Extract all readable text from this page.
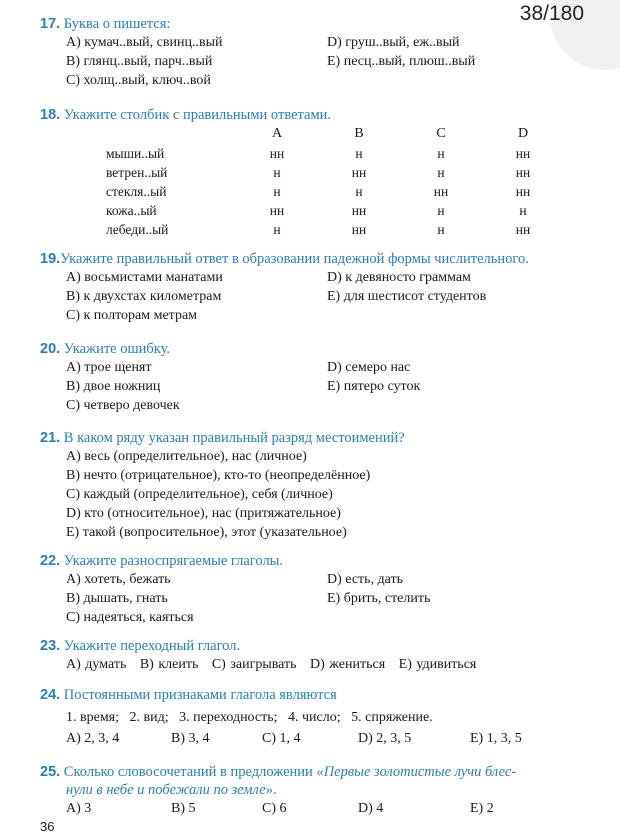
38/180
17. Буква о пишется:
А) кумач..вый, свинц..вый	D) груш..вый, еж..вый
В) глянц..вый, парч..вый	Е) песц..вый, плюш..вый
С) холщ..вый, ключ..вой
18. Укажите столбик с правильными ответами.
	А	В	С	D
мыши..ый	нн	н	н	нн
ветрен..ый	н	нн	н	нн
стекля..ый	н	н	нн	нн
кожа..ый	нн	нн	н	н
лебеди..ый	н	нн	н	нн
19.Укажите правильный ответ в образовании падежной формы числительного.
А) восьмистами манатами	D) к девяносто граммам
В) к двухстах километрам	Е) для шестисот студентов
С) к полторам метрам
20. Укажите ошибку.
А) трое щенят	D) семеро нас
В) двое ножниц	Е) пятеро суток
С) четверо девочек
21. В каком ряду указан правильный разряд местоимений?
А) весь (определительное), нас (личное)
В) нечто (отрицательное), кто-то (неопределённое)
С) каждый (определительное), себя (личное)
D) кто (относительное), нас (притяжательное)
Е) такой (вопросительное), этот (указательное)
22. Укажите разноспрягаемые глаголы.
А) хотеть, бежать	D) есть, дать
В) дышать, гнать	Е) брить, стелить
С) надеяться, каяться
23. Укажите переходный глагол.
А) думать В) клеить С) заигрывать D) жениться Е) удивиться
24. Постоянными признаками глагола являются
1. время; 2. вид; 3. переходность; 4. число; 5. спряжение.
А) 2, 3, 4	В) 3, 4	С) 1, 4	D) 2, 3, 5	Е) 1, 3, 5
25. Сколько словосочетаний в предложении «Первые золотистые лучи блес-
нули в небе и побежали по земле».
А) 3	В) 5	С) 6	D) 4	Е) 2
36
